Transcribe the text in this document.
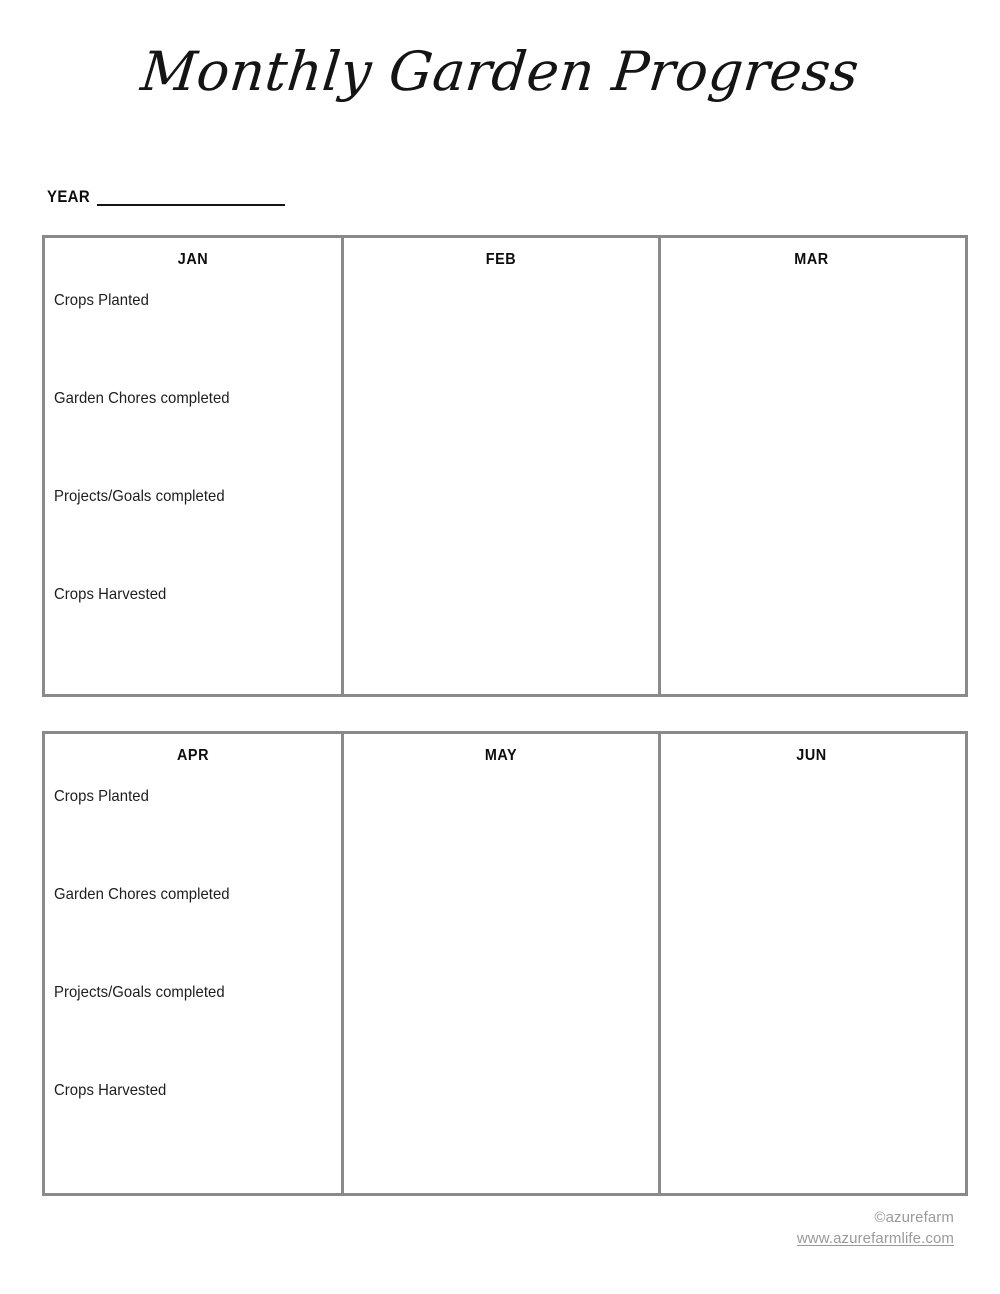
Monthly Garden Progress
YEAR
JAN
Crops Planted
Garden Chores completed
Projects/Goals completed
Crops Harvested
FEB	MAR
APR
Crops Planted
Garden Chores completed
Projects/Goals completed
Crops Harvested
MAY	JUN
©azurefarm
www.azurefarmlife.com
